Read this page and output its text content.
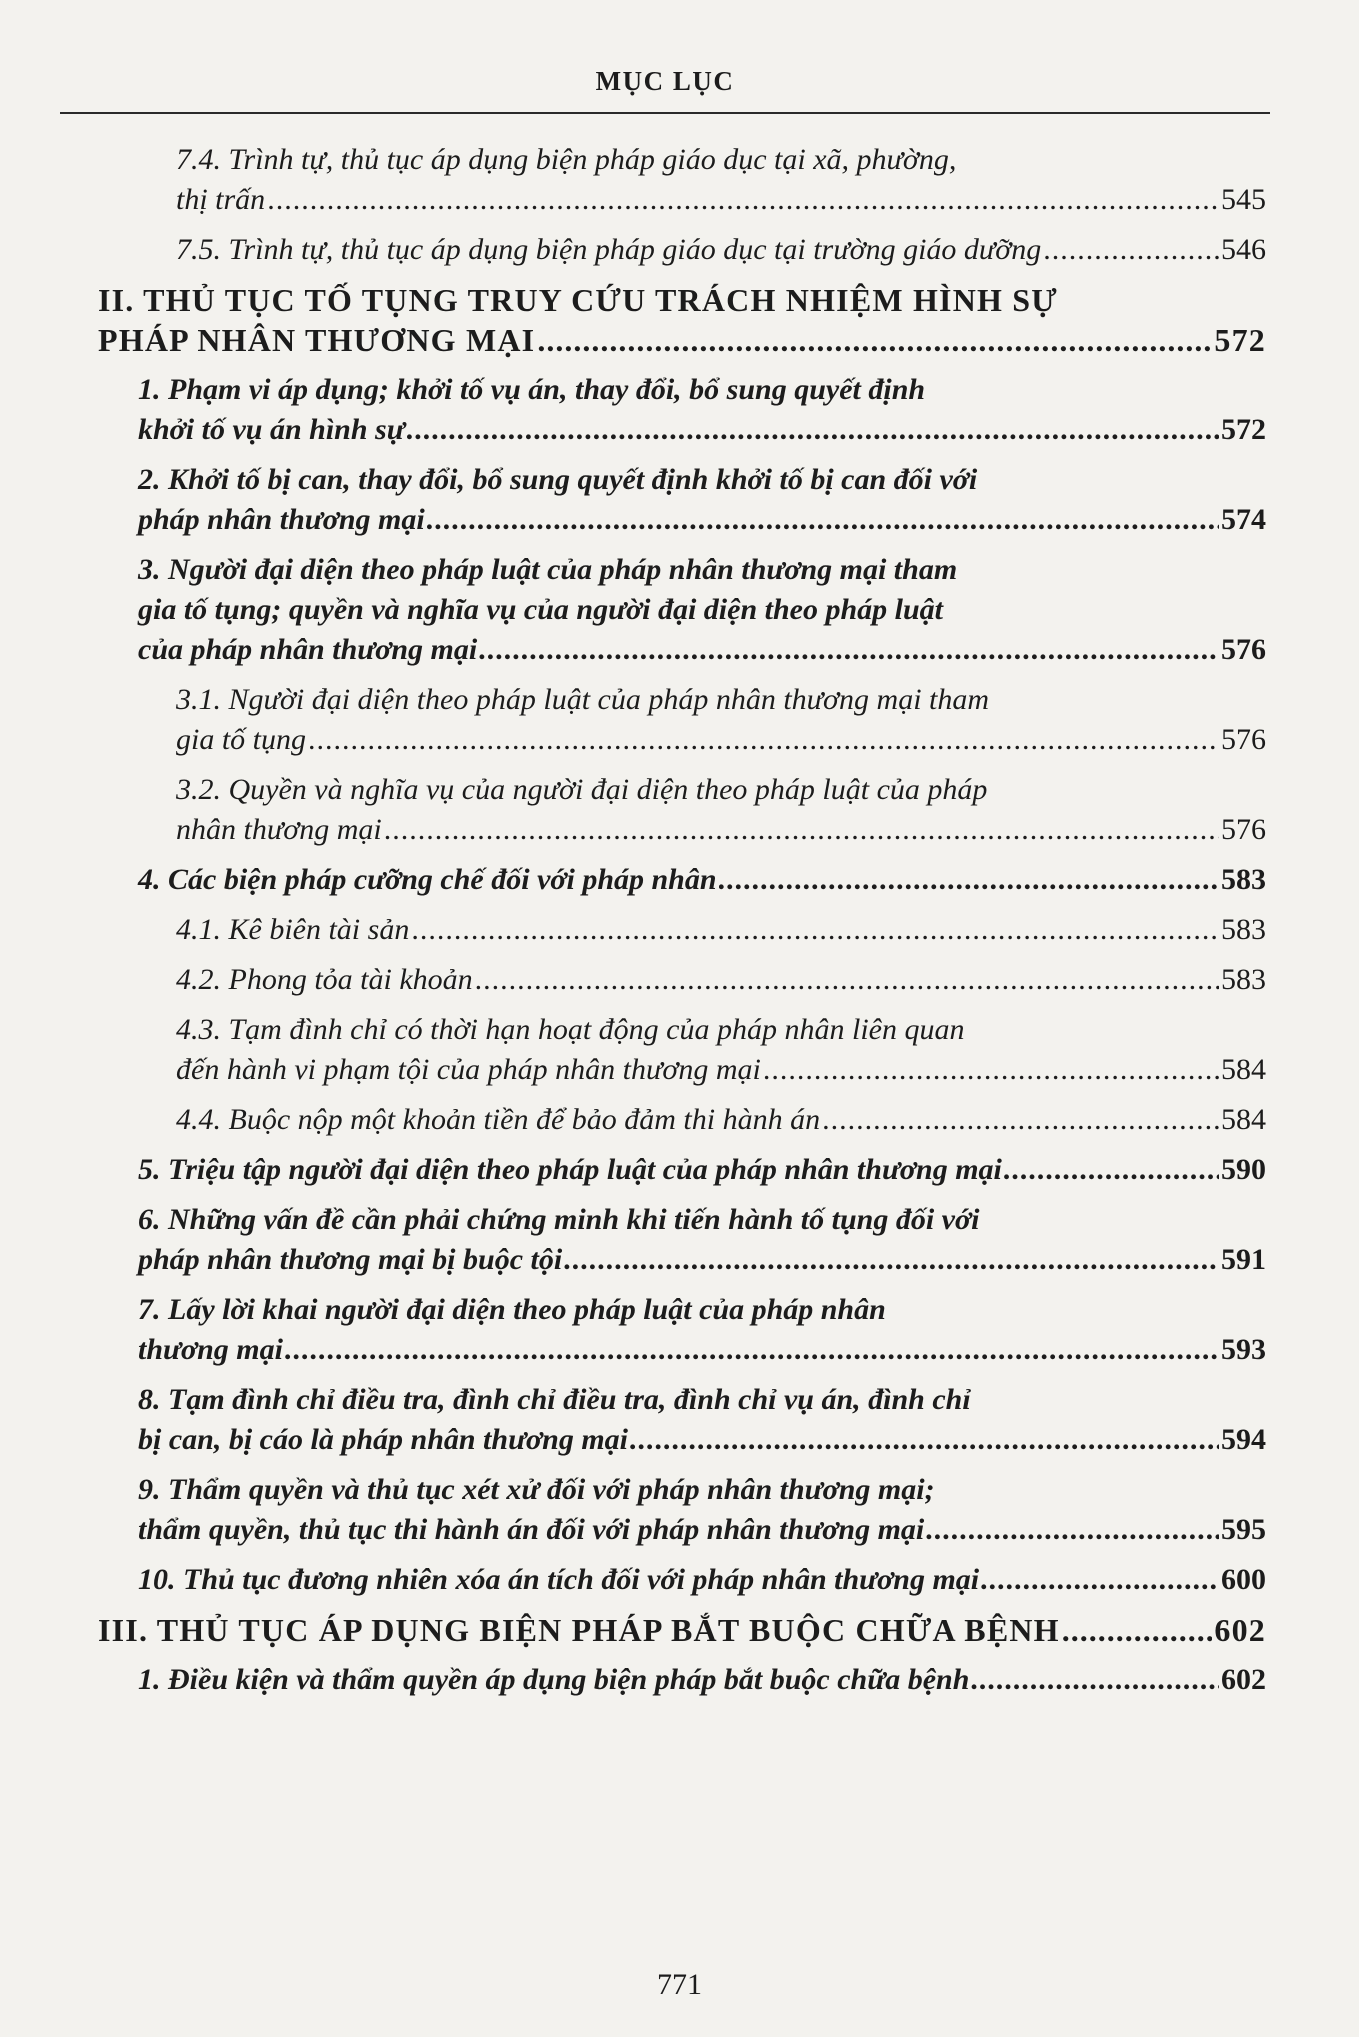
MỤC LỤC
7.4. Trình tự, thủ tục áp dụng biện pháp giáo dục tại xã, phường,
thị trấn .....	545
7.5. Trình tự, thủ tục áp dụng biện pháp giáo dục tại trường giáo dưỡng .....	546
II. THỦ TỤC TỐ TỤNG TRUY CỨU TRÁCH NHIỆM HÌNH SỰ
PHÁP NHÂN THƯƠNG MẠI .....	572
1. Phạm vi áp dụng; khởi tố vụ án, thay đổi, bổ sung quyết định
khởi tố vụ án hình sự .....	572
2. Khởi tố bị can, thay đổi, bổ sung quyết định khởi tố bị can đối với
pháp nhân thương mại .....	574
3. Người đại diện theo pháp luật của pháp nhân thương mại tham
gia tố tụng; quyền và nghĩa vụ của người đại diện theo pháp luật
của pháp nhân thương mại .....	576
3.1. Người đại diện theo pháp luật của pháp nhân thương mại tham
gia tố tụng .....	576
3.2. Quyền và nghĩa vụ của người đại diện theo pháp luật của pháp
nhân thương mại .....	576
4. Các biện pháp cưỡng chế đối với pháp nhân .....	583
4.1. Kê biên tài sản .....	583
4.2. Phong tỏa tài khoản .....	583
4.3. Tạm đình chỉ có thời hạn hoạt động của pháp nhân liên quan
đến hành vi phạm tội của pháp nhân thương mại .....	584
4.4. Buộc nộp một khoản tiền để bảo đảm thi hành án .....	584
5. Triệu tập người đại diện theo pháp luật của pháp nhân thương mại .....	590
6. Những vấn đề cần phải chứng minh khi tiến hành tố tụng đối với
pháp nhân thương mại bị buộc tội .....	591
7. Lấy lời khai người đại diện theo pháp luật của pháp nhân
thương mại .....	593
8. Tạm đình chỉ điều tra, đình chỉ điều tra, đình chỉ vụ án, đình chỉ
bị can, bị cáo là pháp nhân thương mại .....	594
9. Thẩm quyền và thủ tục xét xử đối với pháp nhân thương mại;
thẩm quyền, thủ tục thi hành án đối với pháp nhân thương mại .....	595
10. Thủ tục đương nhiên xóa án tích đối với pháp nhân thương mại .....	600
III. THỦ TỤC ÁP DỤNG BIỆN PHÁP BẮT BUỘC CHỮA BỆNH .....	602
1. Điều kiện và thẩm quyền áp dụng biện pháp bắt buộc chữa bệnh .....	602
771
